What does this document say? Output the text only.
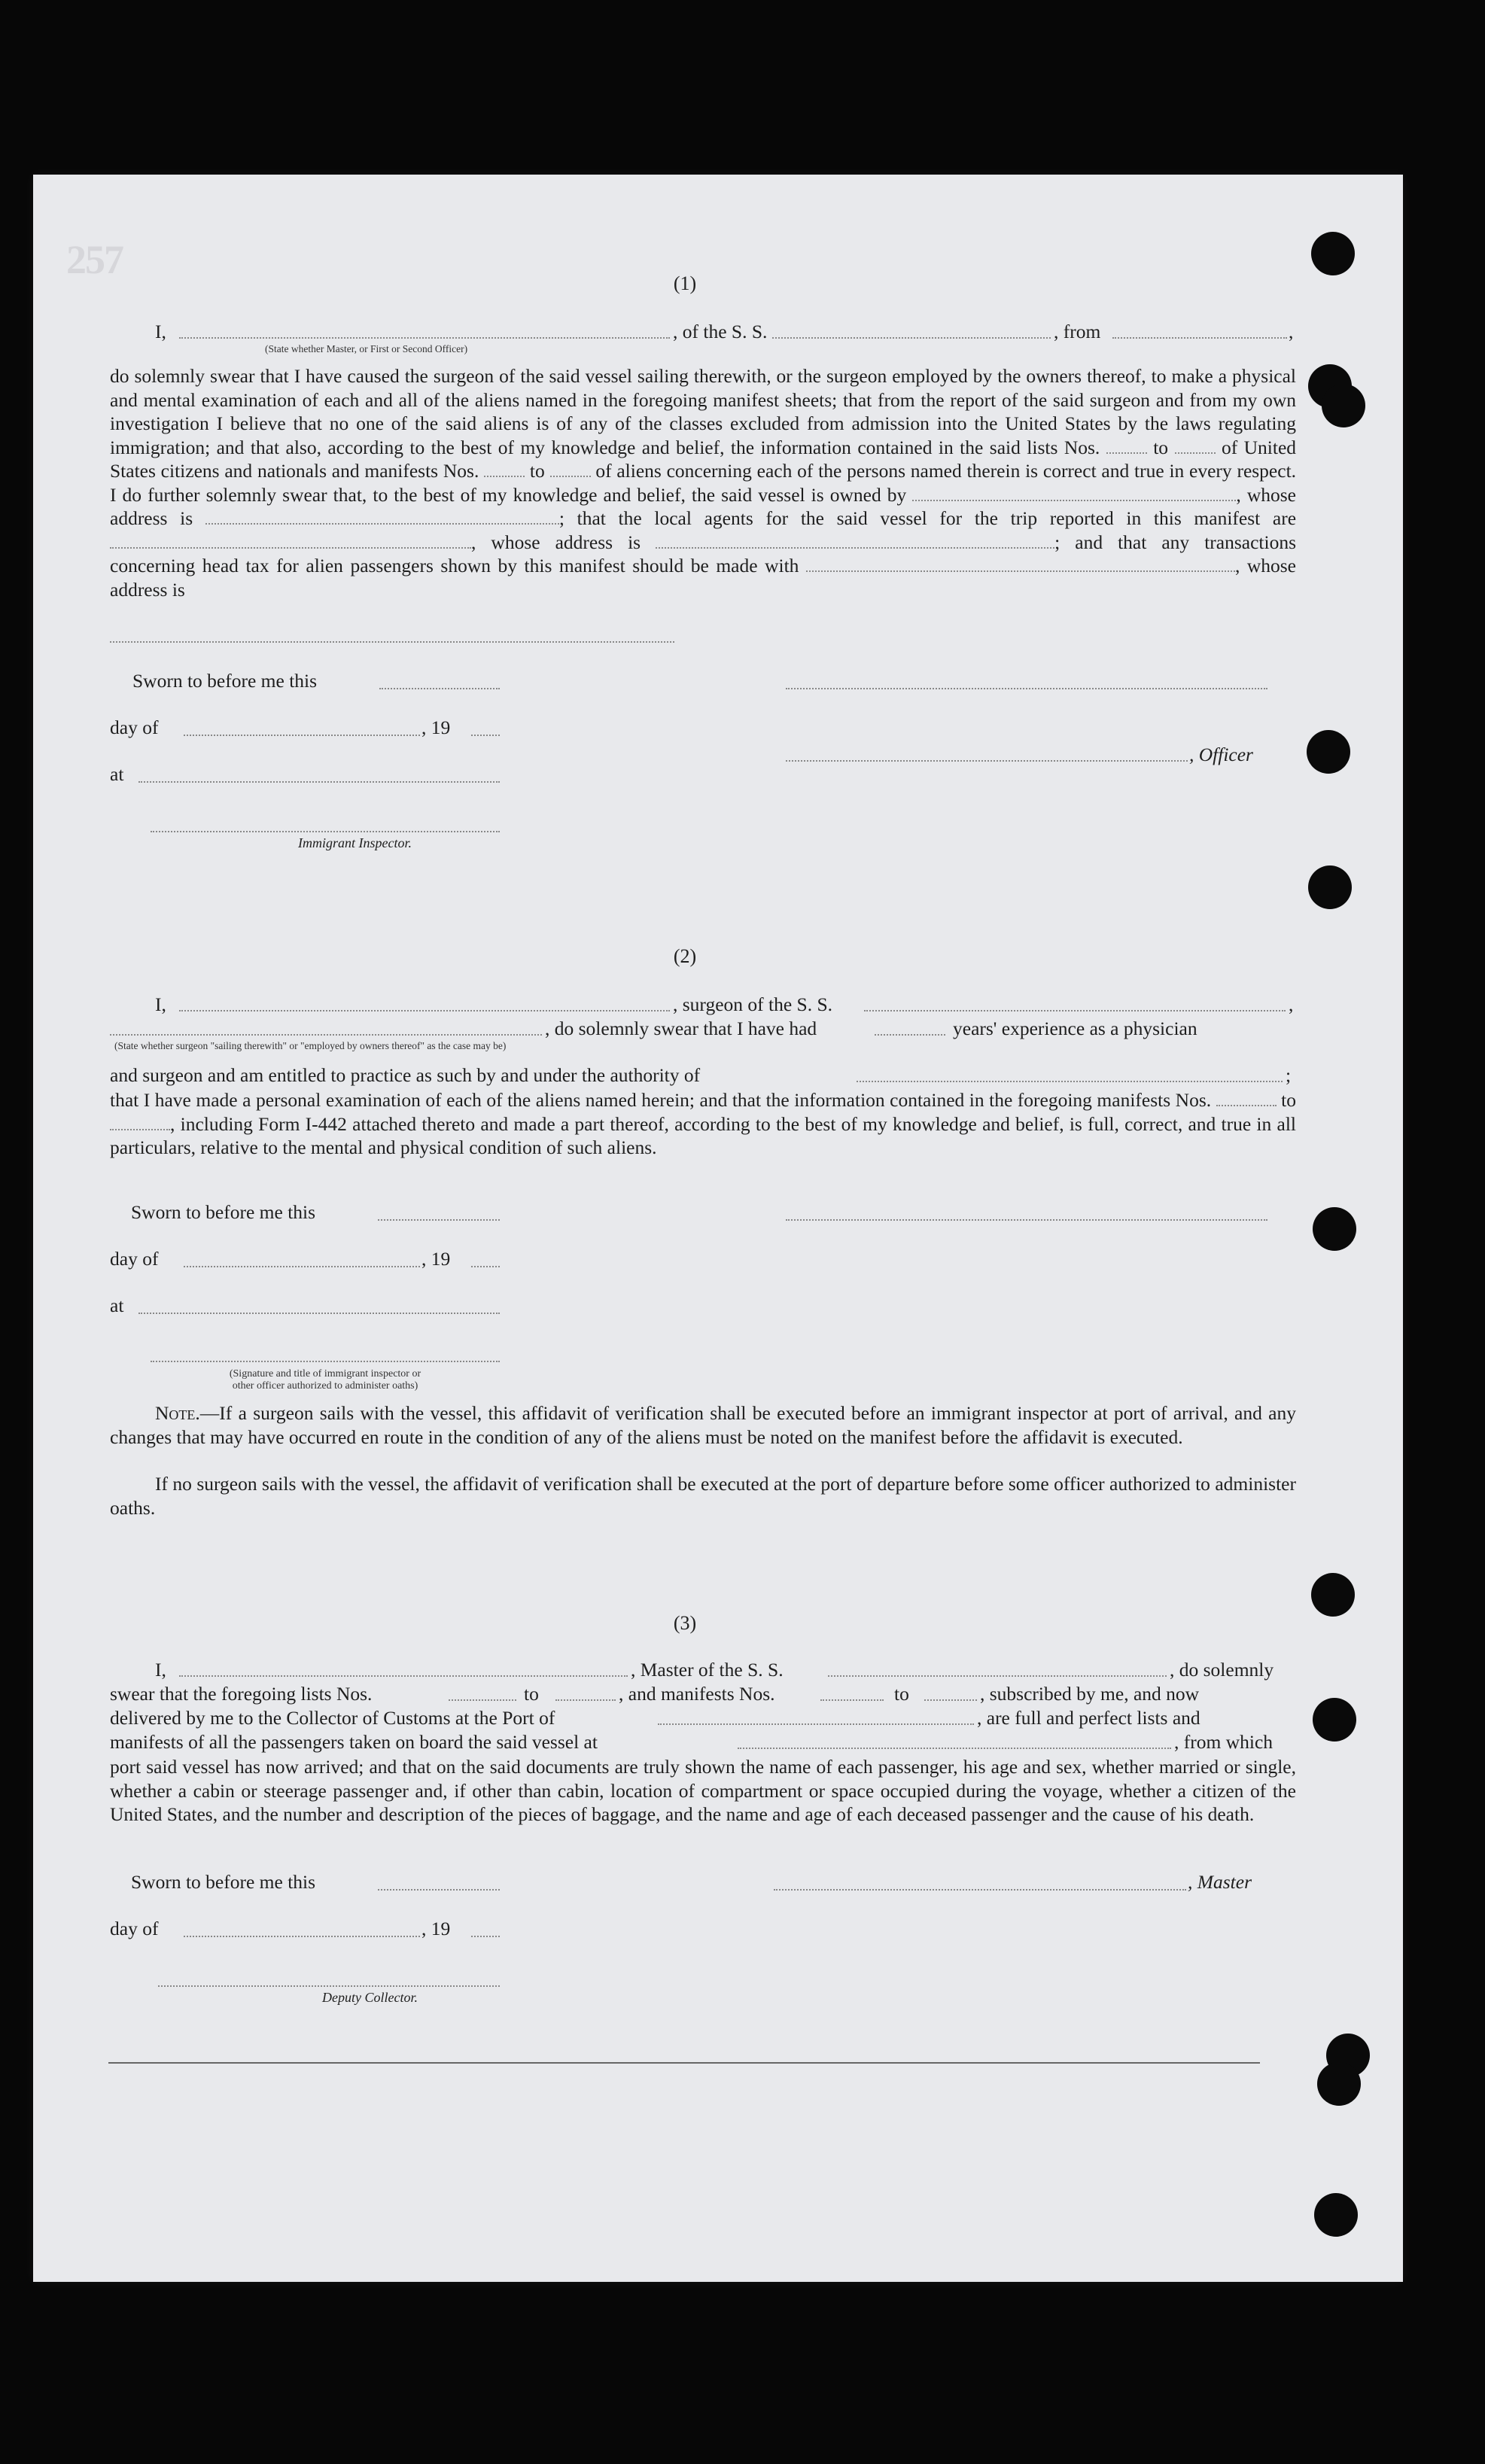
257
(1)
I,	, of the S. S.	, from	,
(State whether Master, or First or Second Officer)
do solemnly swear that I have caused the surgeon of the said vessel sailing therewith, or the surgeon employed by the owners thereof, to make a physical and mental examination of each and all of the aliens named in the foregoing manifest sheets; that from the report of the said surgeon and from my own investigation I believe that no one of the said aliens is of any of the classes excluded from admission into the United States by the laws regulating immigration; and that also, according to the best of my knowledge and belief, the information contained in the said lists Nos.	to	of United States citizens and nationals and manifests Nos.	to	of aliens concerning each of the persons named therein is correct and true in every respect. I do further solemnly swear that, to the best of my knowledge and belief, the said vessel is owned by	, whose address is	; that the local agents for the said vessel for the trip reported in this manifest are , whose address is	; and that any transactions concerning head tax for alien passengers shown by this manifest should be made with	, whose address is
Sworn to before me this
day of	, 19
, Officer
at
Immigrant Inspector.
(2)
I,	, surgeon of the S. S.	,
, do solemnly swear that I have had	years' experience as a physician
(State whether surgeon "sailing therewith" or "employed by owners thereof" as the case may be)
and surgeon and am entitled to practice as such by and under the authority of	;
that I have made a personal examination of each of the aliens named herein; and that the information contained in the foregoing manifests Nos.	to , including Form I-442 attached thereto and made a part thereof, according to the best of my knowledge and belief, is full, correct, and true in all particulars, relative to the mental and physical condition of such aliens.
Sworn to before me this
day of	, 19
at
(Signature and title of immigrant inspector or
other officer authorized to administer oaths)
Note.—If a surgeon sails with the vessel, this affidavit of verification shall be executed before an immigrant inspector at port of arrival, and any changes that may have occurred en route in the condition of any of the aliens must be noted on the manifest before the affidavit is executed.
If no surgeon sails with the vessel, the affidavit of verification shall be executed at the port of departure before some officer authorized to administer oaths.
(3)
I,	, Master of the S. S.	, do solemnly
swear that the foregoing lists Nos.	to	, and manifests Nos.	to	, subscribed by me, and now
delivered by me to the Collector of Customs at the Port of	, are full and perfect lists and
manifests of all the passengers taken on board the said vessel at	, from which
port said vessel has now arrived; and that on the said documents are truly shown the name of each passenger, his age and sex, whether married or single, whether a cabin or steerage passenger and, if other than cabin, location of compartment or space occupied during the voyage, whether a citizen of the United States, and the number and description of the pieces of baggage, and the name and age of each deceased passenger and the cause of his death.
Sworn to before me this	, Master
day of	, 19
Deputy Collector.
